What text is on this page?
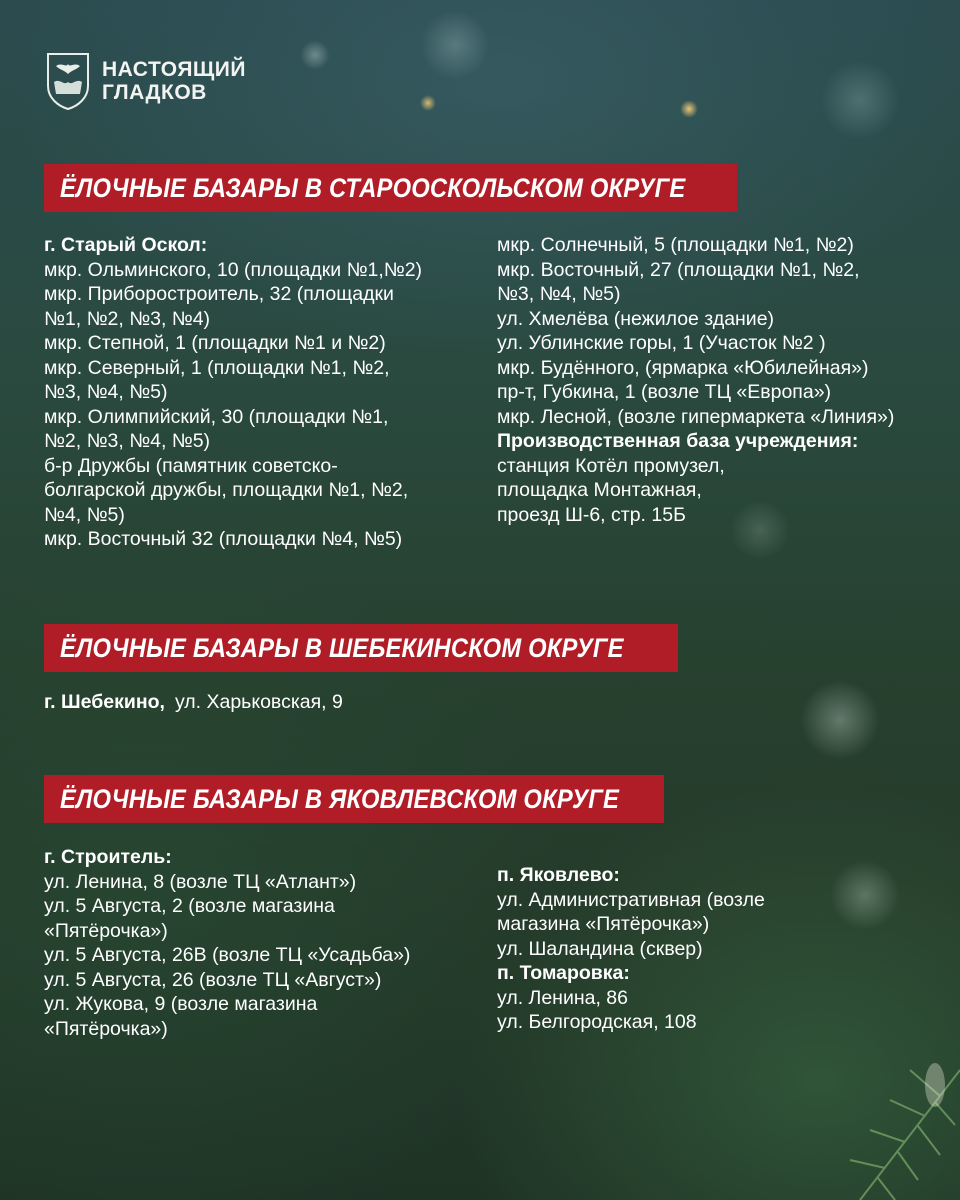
НАСТОЯЩИЙ
ГЛАДКОВ
ЁЛОЧНЫЕ БАЗАРЫ В СТАРООСКОЛЬСКОМ ОКРУГЕ
г. Старый Оскол:
мкр. Ольминского, 10 (площадки №1,№2)
мкр. Приборостроитель, 32 (площадки
№1, №2, №3, №4)
мкр. Степной, 1 (площадки №1 и №2)
мкр. Северный, 1 (площадки №1, №2,
№3, №4, №5)
мкр. Олимпийский, 30 (площадки №1,
№2, №3, №4, №5)
б-р Дружбы (памятник советско-
болгарской дружбы, площадки №1, №2,
№4, №5)
мкр. Восточный 32 (площадки №4, №5)
мкр. Солнечный, 5 (площадки №1, №2)
мкр. Восточный, 27 (площадки №1, №2,
№3, №4, №5)
ул. Хмелёва (нежилое здание)
ул. Ублинские горы, 1 (Участок №2 )
мкр. Будённого, (ярмарка «Юбилейная»)
пр-т, Губкина, 1 (возле ТЦ «Европа»)
мкр. Лесной, (возле гипермаркета «Линия»)
Производственная база учреждения:
станция Котёл промузел,
площадка Монтажная,
проезд Ш-6, стр. 15Б
ЁЛОЧНЫЕ БАЗАРЫ В ШЕБЕКИНСКОМ ОКРУГЕ
г. Шебекино, ул. Харьковская, 9
ЁЛОЧНЫЕ БАЗАРЫ В ЯКОВЛЕВСКОМ ОКРУГЕ
г. Строитель:
ул. Ленина, 8 (возле ТЦ «Атлант»)
ул. 5 Августа, 2 (возле магазина
«Пятёрочка»)
ул. 5 Августа, 26В (возле ТЦ «Усадьба»)
ул. 5 Августа, 26 (возле ТЦ «Август»)
ул. Жукова, 9 (возле магазина
«Пятёрочка»)
п. Яковлево:
ул. Административная (возле
магазина «Пятёрочка»)
ул. Шаландина (сквер)
п. Томаровка:
ул. Ленина, 86
ул. Белгородская, 108
